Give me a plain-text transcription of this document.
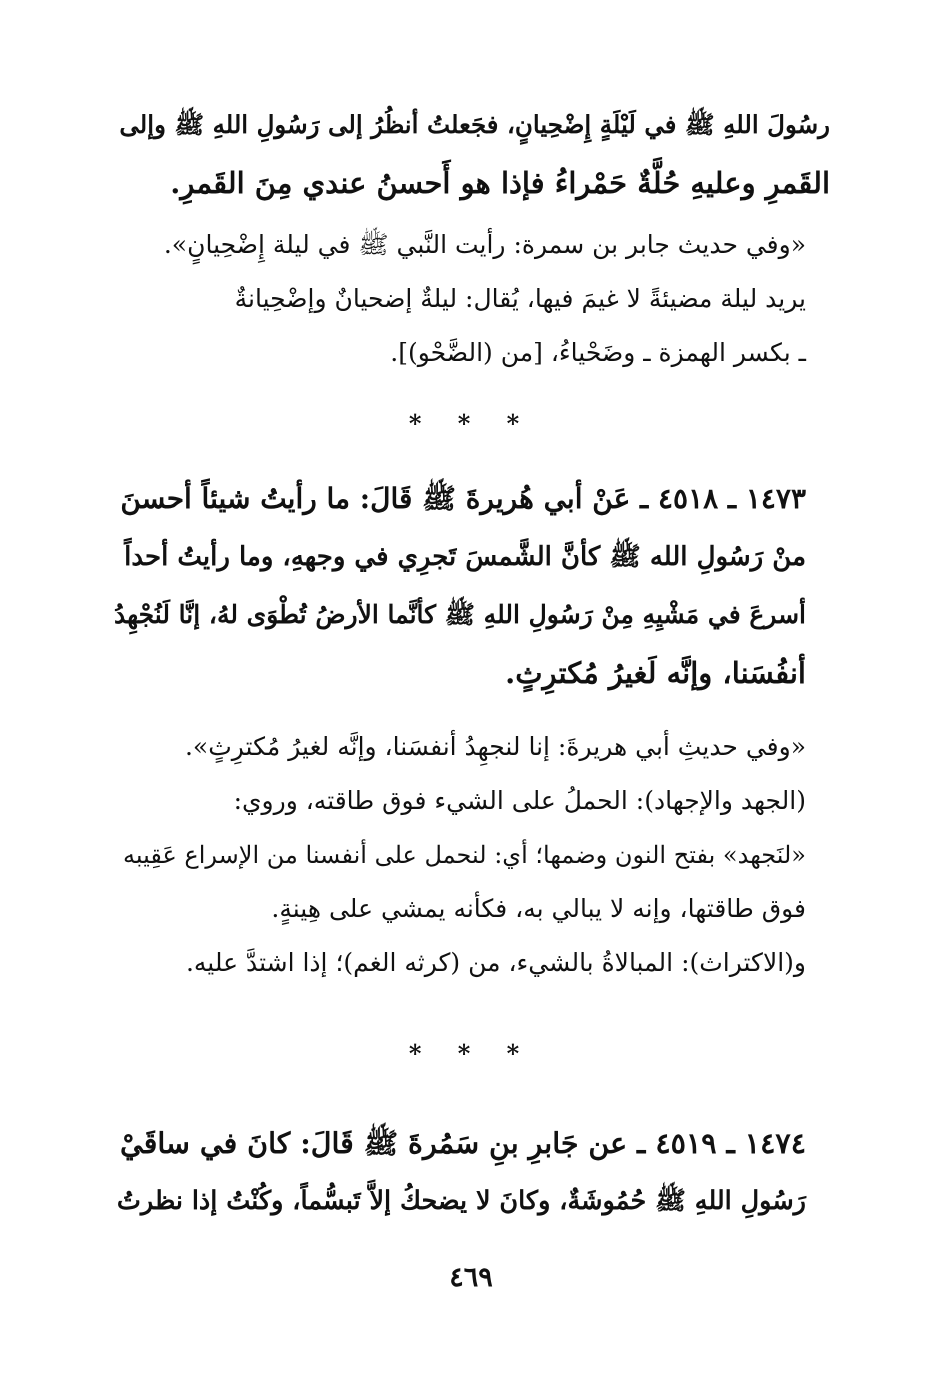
رسُولَ اللهِ ﷺ في لَيْلَةٍ إِضْحِيانٍ، فجَعلتُ أنظُرُ إلى رَسُولِ اللهِ ﷺ وإلى
القَمرِ وعليهِ حُلَّةٌ حَمْراءُ فإذا هو أَحسنُ عندي مِنَ القَمرِ.

«وفي حديث جابر بن سمرة: رأيت النَّبي ﷺ في ليلة إِضْحِيانٍ».
يريد ليلة مضيئةً لا غيمَ فيها، يُقال: ليلةٌ إضحيانٌ وإضْحِيانةٌ
ـ بكسر الهمزة ـ وضَحْياءُ، [من (الضَّحْو)].

* * *

١٤٧٣ ـ ٤٥١٨ ـ عَنْ أبي هُريرةَ ﷺ قَالَ: ما رأيتُ شيئاً أحسنَ
منْ رَسُولِ الله ﷺ كأنَّ الشَّمسَ تَجرِي في وجههِ، وما رأيتُ أحداً
أسرعَ في مَشْيِهِ مِنْ رَسُولِ اللهِ ﷺ كأنَّما الأرضُ تُطْوَى لهُ، إنَّا لَنُجْهِدُ
أنفُسَنا، وإنَّه لَغيرُ مُكترِثٍ.

«وفي حديثِ أبي هريرةَ: إنا لنجهِدُ أنفسَنا، وإنَّه لغيرُ مُكترِثٍ».
(الجهد والإجهاد): الحملُ على الشيء فوق طاقته، وروي:
«لنَجهد» بفتح النون وضمها؛ أي: لنحمل على أنفسنا من الإسراع عَقِيبه
فوق طاقتها، وإنه لا يبالي به، فكأنه يمشي على هِينةٍ.
و(الاكتراث): المبالاةُ بالشيء، من (كرثه الغم)؛ إذا اشتدَّ عليه.

* * *

١٤٧٤ ـ ٤٥١٩ ـ عن جَابرِ بنِ سَمُرةَ ﷺ قَالَ: كانَ في ساقَيْ
رَسُولِ اللهِ ﷺ حُمُوشَةٌ، وكانَ لا يضحكُ إلاَّ تَبسُّماً، وكُنْتُ إذا نظرتُ

٤٦٩
